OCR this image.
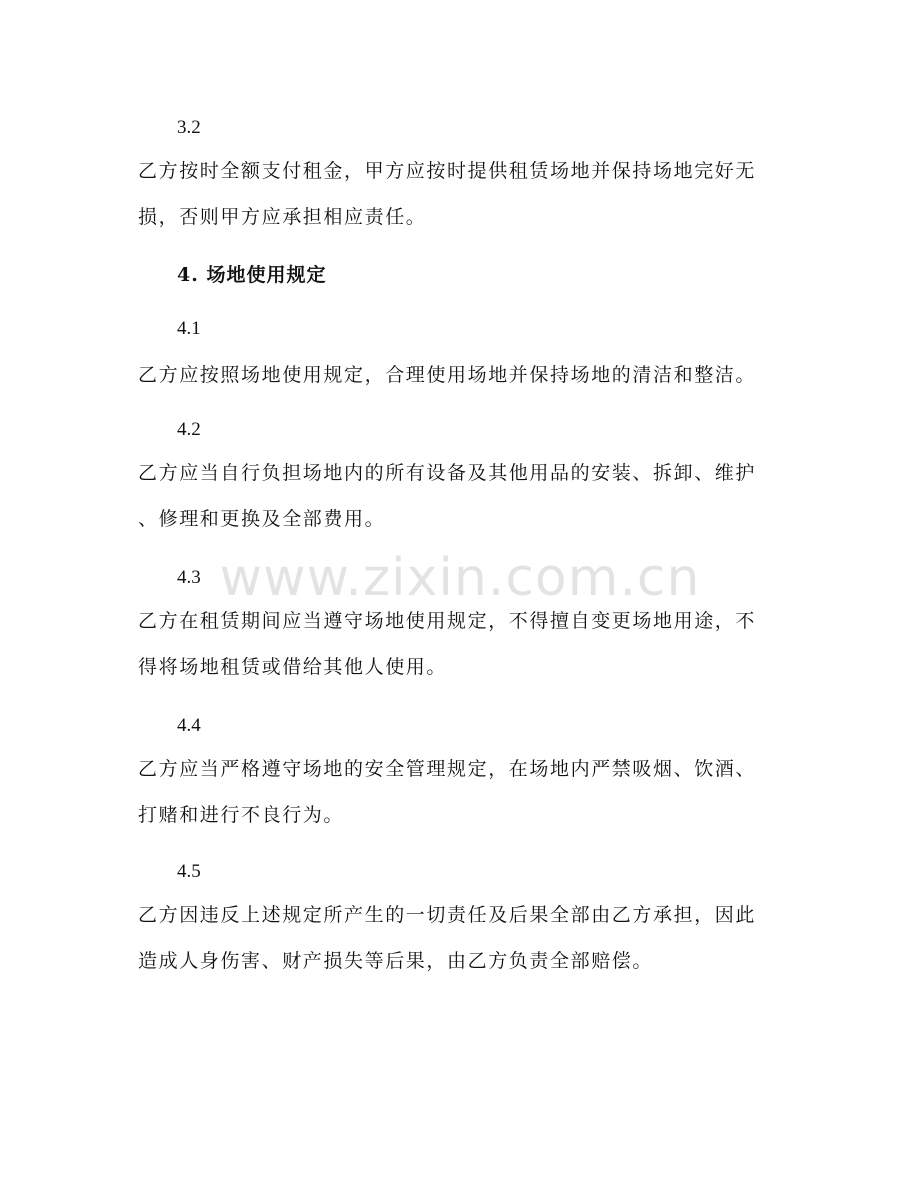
3.2
乙方按时全额支付租金，甲方应按时提供租赁场地并保持场地完好无
损，否则甲方应承担相应责任。
4. 场地使用规定
4.1
乙方应按照场地使用规定，合理使用场地并保持场地的清洁和整洁。
4.2
乙方应当自行负担场地内的所有设备及其他用品的安装、拆卸、维护
、修理和更换及全部费用。
4.3
乙方在租赁期间应当遵守场地使用规定，不得擅自变更场地用途，不
得将场地租赁或借给其他人使用。
4.4
乙方应当严格遵守场地的安全管理规定，在场地内严禁吸烟、饮酒、
打赌和进行不良行为。
4.5
乙方因违反上述规定所产生的一切责任及后果全部由乙方承担，因此
造成人身伤害、财产损失等后果，由乙方负责全部赔偿。
www.zixin.com.cn
